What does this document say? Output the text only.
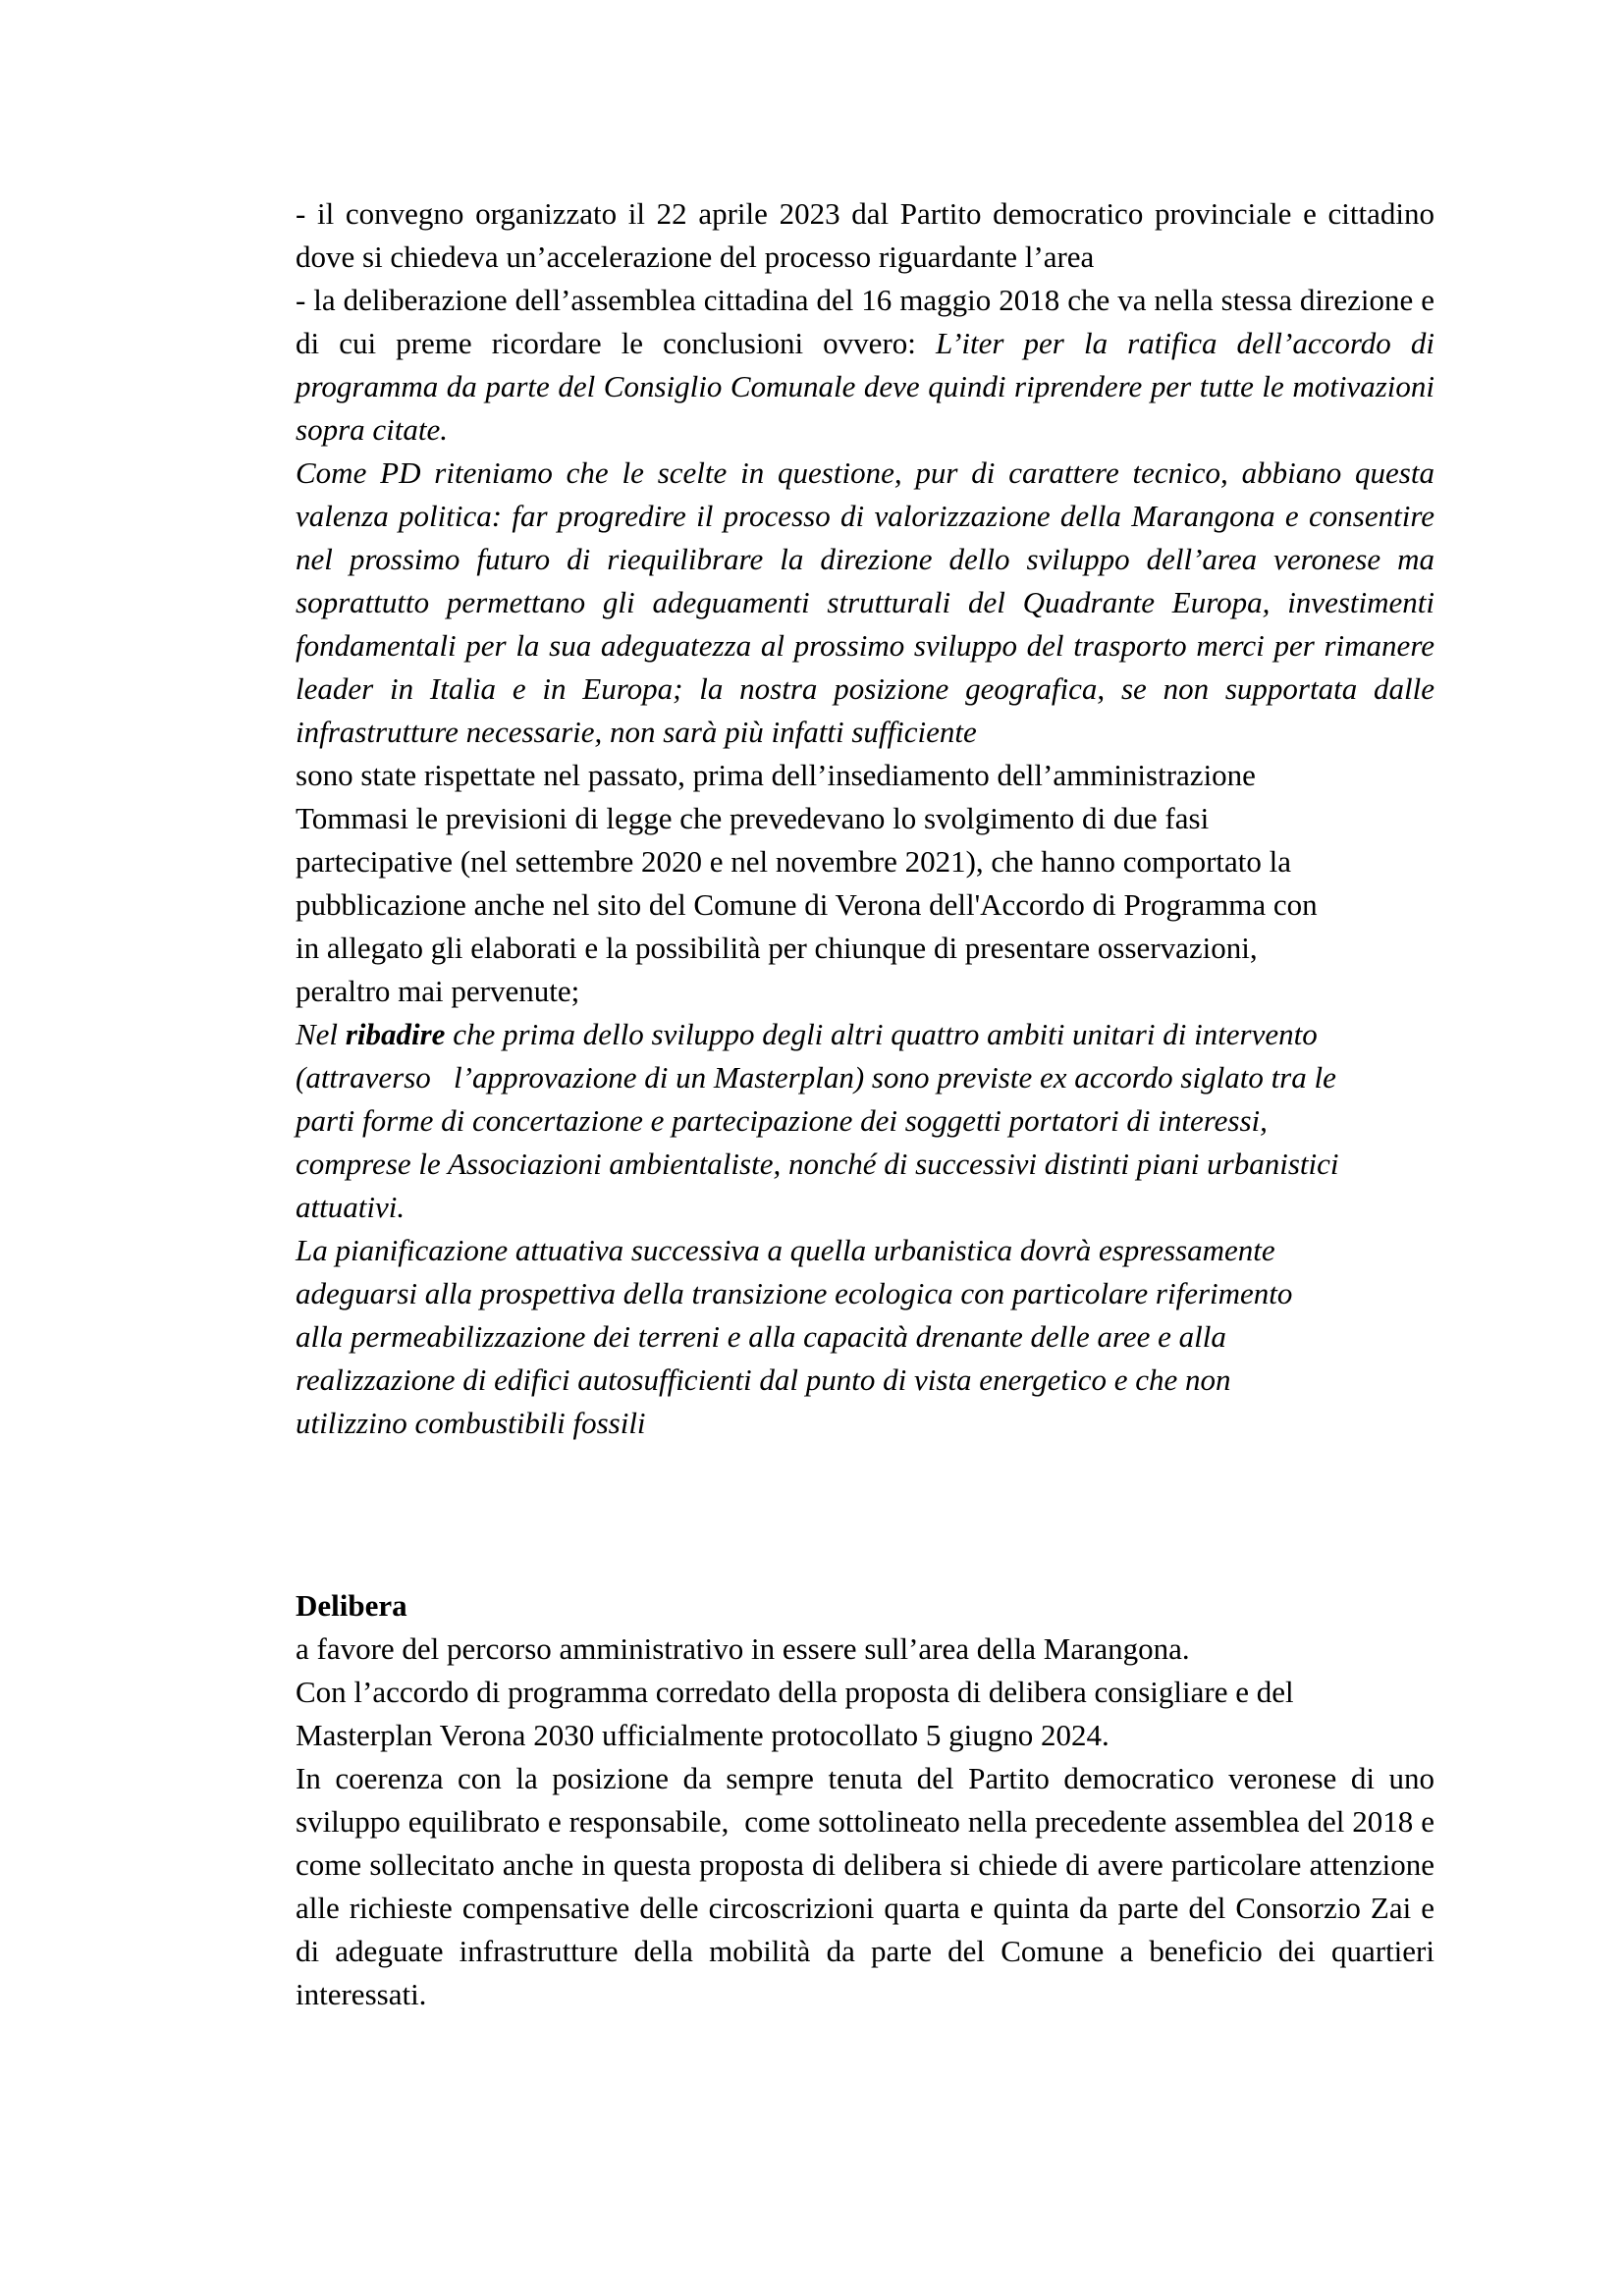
- il convegno organizzato il 22 aprile 2023 dal Partito democratico provinciale e cittadino dove si chiedeva un’accelerazione del processo riguardante l’area

- la deliberazione dell’assemblea cittadina del 16 maggio 2018 che va nella stessa direzione e di cui preme ricordare le conclusioni ovvero: L’iter per la ratifica dell’accordo di programma da parte del Consiglio Comunale deve quindi riprendere per tutte le motivazioni sopra citate.

Come PD riteniamo che le scelte in questione, pur di carattere tecnico, abbiano questa valenza politica: far progredire il processo di valorizzazione della Marangona e consentire nel prossimo futuro di riequilibrare la direzione dello sviluppo dell’area veronese ma soprattutto permettano gli adeguamenti strutturali del Quadrante Europa, investimenti fondamentali per la sua adeguatezza al prossimo sviluppo del trasporto merci per rimanere leader in Italia e in Europa; la nostra posizione geografica, se non supportata dalle infrastrutture necessarie, non sarà più infatti sufficiente

sono state rispettate nel passato, prima dell’insediamento dell’amministrazione
Tommasi le previsioni di legge che prevedevano lo svolgimento di due fasi
partecipative (nel settembre 2020 e nel novembre 2021), che hanno comportato la
pubblicazione anche nel sito del Comune di Verona dell'Accordo di Programma con
in allegato gli elaborati e la possibilità per chiunque di presentare osservazioni,
peraltro mai pervenute;
Nel ribadire che prima dello sviluppo degli altri quattro ambiti unitari di intervento
(attraverso   l’approvazione di un Masterplan) sono previste ex accordo siglato tra le
parti forme di concertazione e partecipazione dei soggetti portatori di interessi,
comprese le Associazioni ambientaliste, nonché di successivi distinti piani urbanistici
attuativi.
La pianificazione attuativa successiva a quella urbanistica dovrà espressamente
adeguarsi alla prospettiva della transizione ecologica con particolare riferimento
alla permeabilizzazione dei terreni e alla capacità drenante delle aree e alla
realizzazione di edifici autosufficienti dal punto di vista energetico e che non
utilizzino combustibili fossili

Delibera

a favore del percorso amministrativo in essere sull’area della Marangona.
Con l’accordo di programma corredato della proposta di delibera consigliare e del
Masterplan Verona 2030 ufficialmente protocollato 5 giugno 2024.

In coerenza con la posizione da sempre tenuta del Partito democratico veronese di uno sviluppo equilibrato e responsabile,  come sottolineato nella precedente assemblea del 2018 e come sollecitato anche in questa proposta di delibera si chiede di avere particolare attenzione alle richieste compensative delle circoscrizioni quarta e quinta da parte del Consorzio Zai e di adeguate infrastrutture della mobilità da parte del Comune a beneficio dei quartieri interessati.
